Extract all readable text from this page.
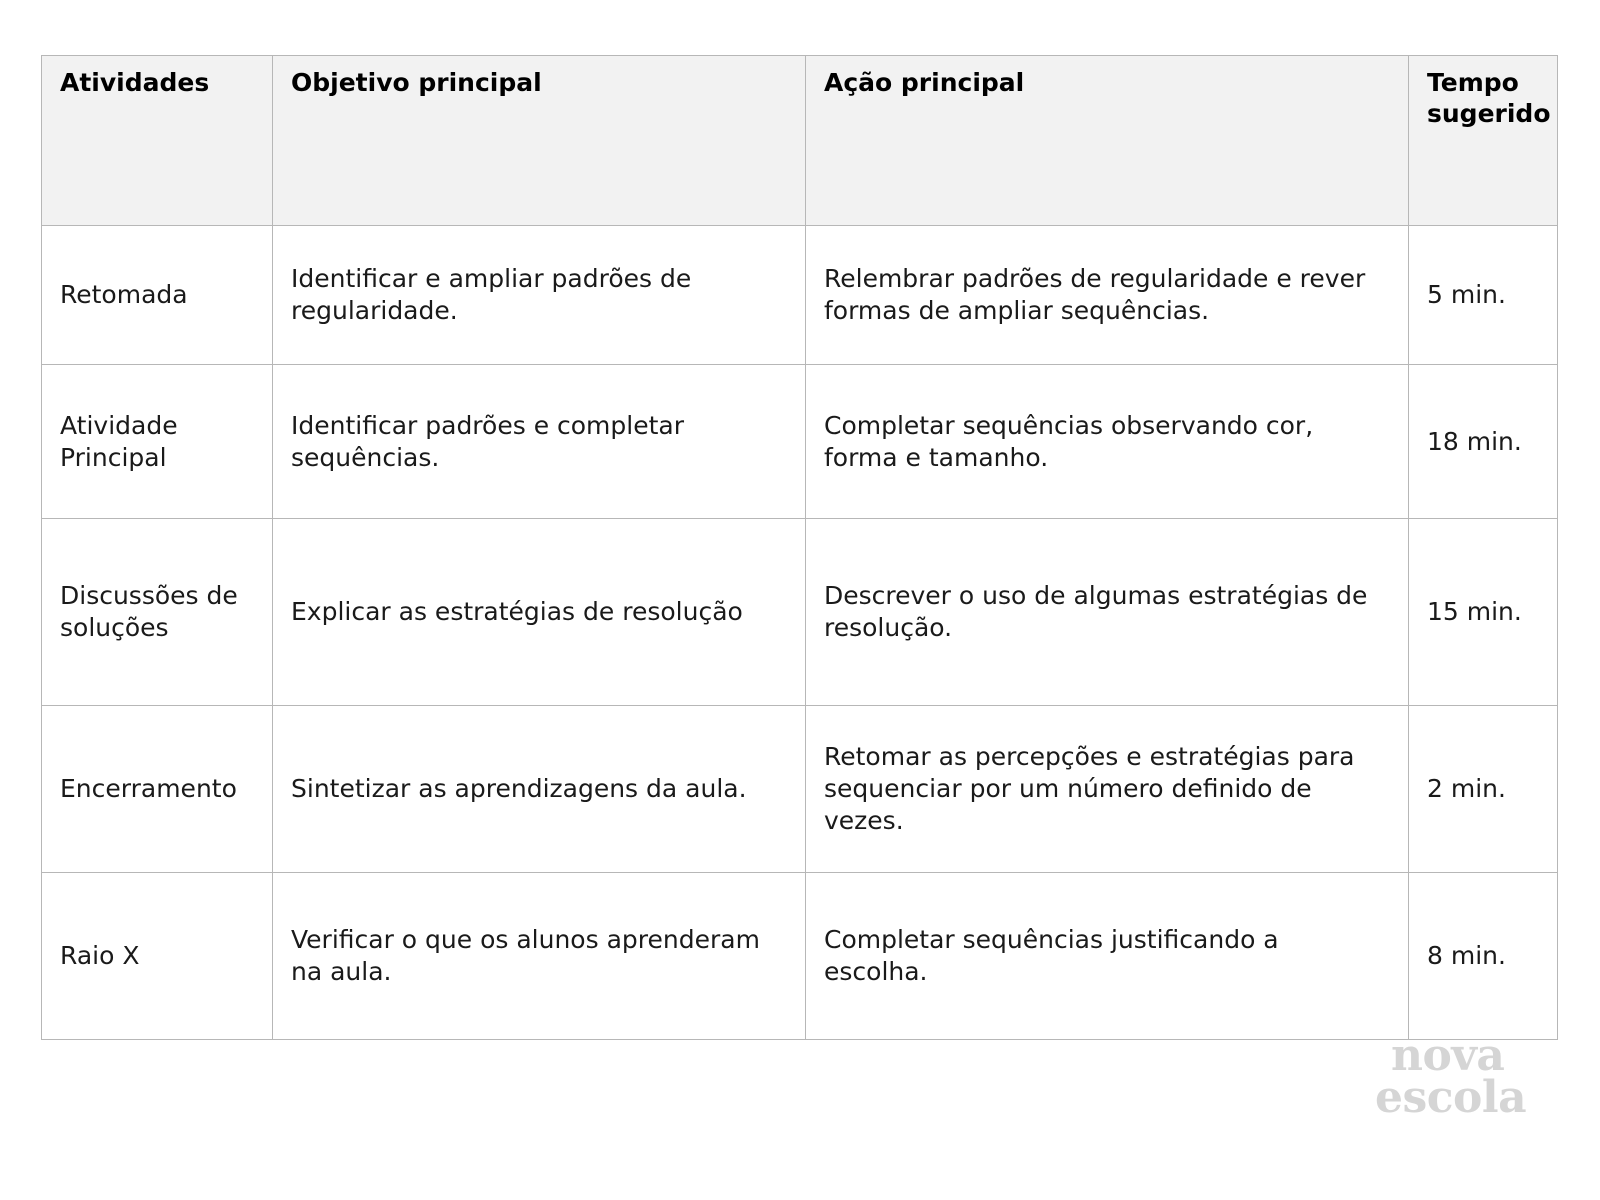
Atividades	Objetivo principal	Ação principal	Tempo sugerido
Retomada	Identificar e ampliar padrões de regularidade.	Relembrar padrões de regularidade e rever formas de ampliar sequências.	5 min.
Atividade Principal	Identificar padrões e completar sequências.	Completar sequências observando cor, forma e tamanho.	18 min.
Discussões de soluções	Explicar as estratégias de resolução	Descrever o uso de algumas estratégias de resolução.	15 min.
Encerramento	Sintetizar as aprendizagens da aula.	Retomar as percepções e estratégias para sequenciar por um número definido de vezes.	2 min.
Raio X	Verificar o que os alunos aprenderam na aula.	Completar sequências justificando a escolha.	8 min.
nova
escola
